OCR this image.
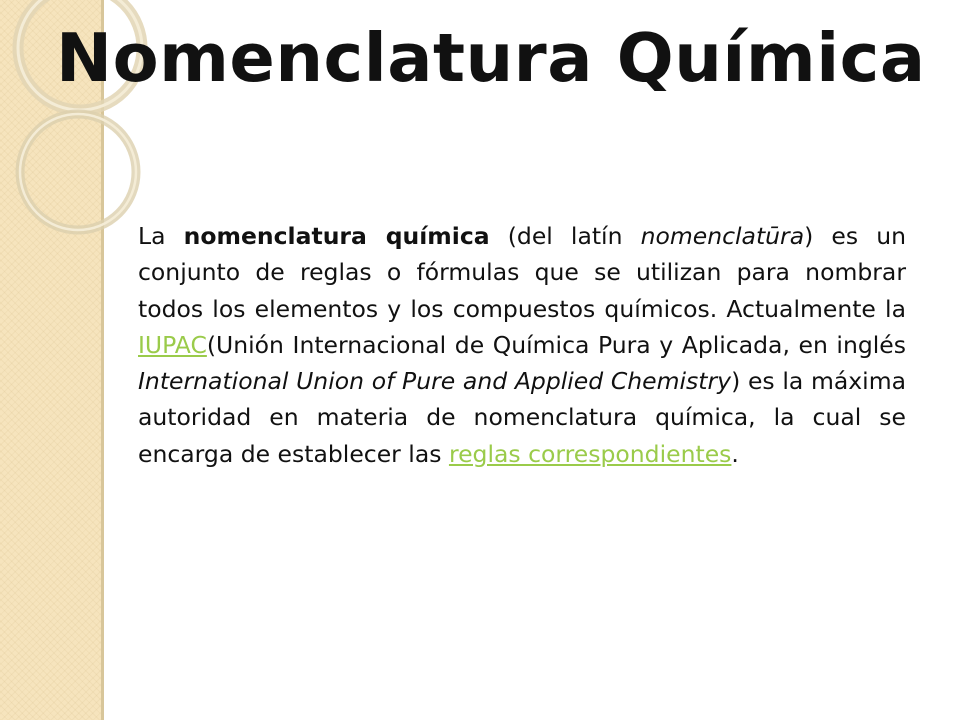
Nomenclatura Química

La nomenclatura química (del latín nomenclatūra) es un conjunto de reglas o fórmulas que se utilizan para nombrar todos los elementos y los compuestos químicos. Actualmente la IUPAC(Unión Internacional de Química Pura y Aplicada, en inglés International Union of Pure and Applied Chemistry) es la máxima autoridad en materia de nomenclatura química, la cual se encarga de establecer las reglas correspondientes.
